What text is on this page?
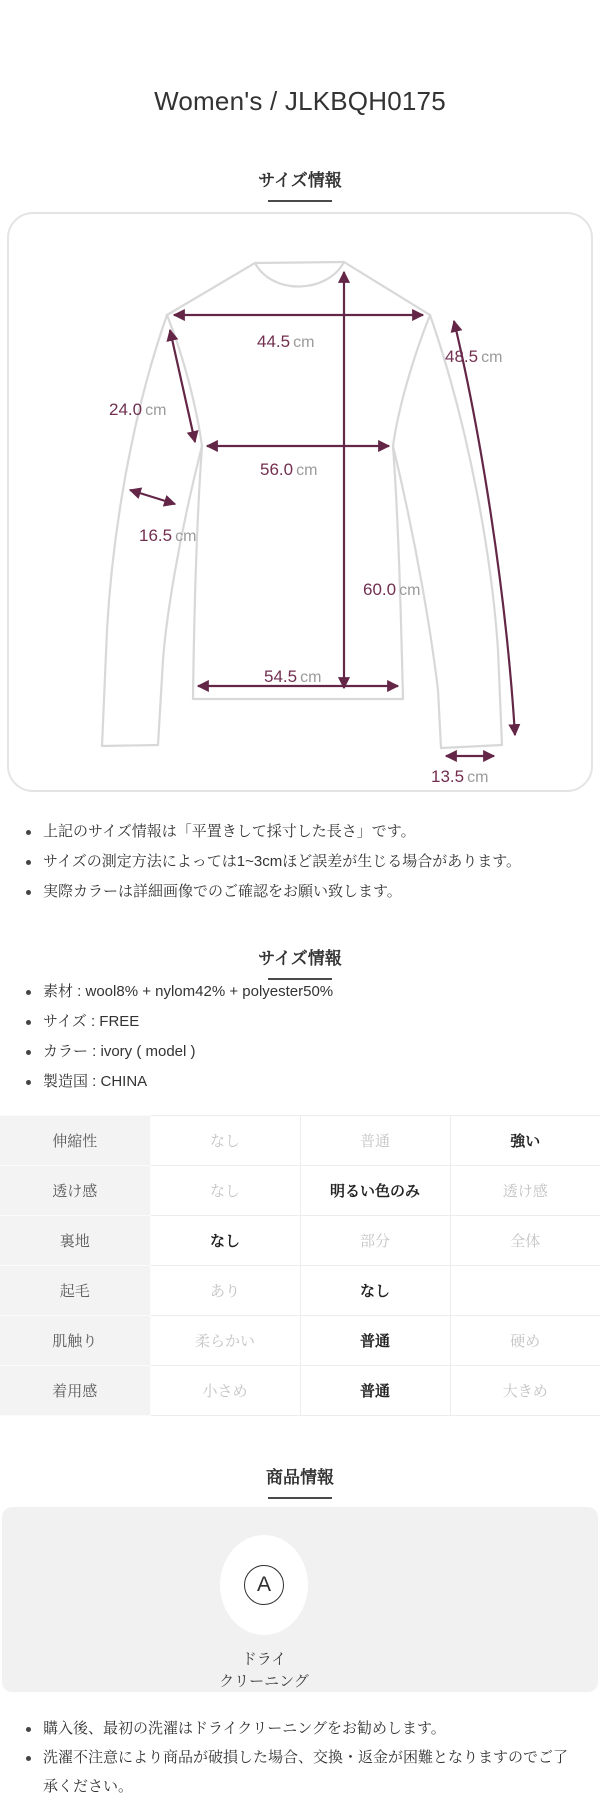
Women's / JLKBQH0175
サイズ情報
44.5 cm
24.0 cm
48.5 cm
56.0 cm
16.5 cm
60.0 cm
54.5 cm
13.5 cm
上記のサイズ情報は「平置きして採寸した長さ」です。
サイズの測定方法によっては1~3cmほど誤差が生じる場合があります。
実際カラーは詳細画像でのご確認をお願い致します。
サイズ情報
素材 : wool8% + nylom42% + polyester50%
サイズ : FREE
カラー : ivory ( model )
製造国 : CHINA
伸縮性	なし	普通	強い
透け感	なし	明るい色のみ	透け感
裏地	なし	部分	全体
起毛	あり	なし	
肌触り	柔らかい	普通	硬め
着用感	小さめ	普通	大きめ
商品情報
A
ドライ
クリーニング
購入後、最初の洗濯はドライクリーニングをお勧めします。
洗濯不注意により商品が破損した場合、交換・返金が困難となりますのでご了承ください。
